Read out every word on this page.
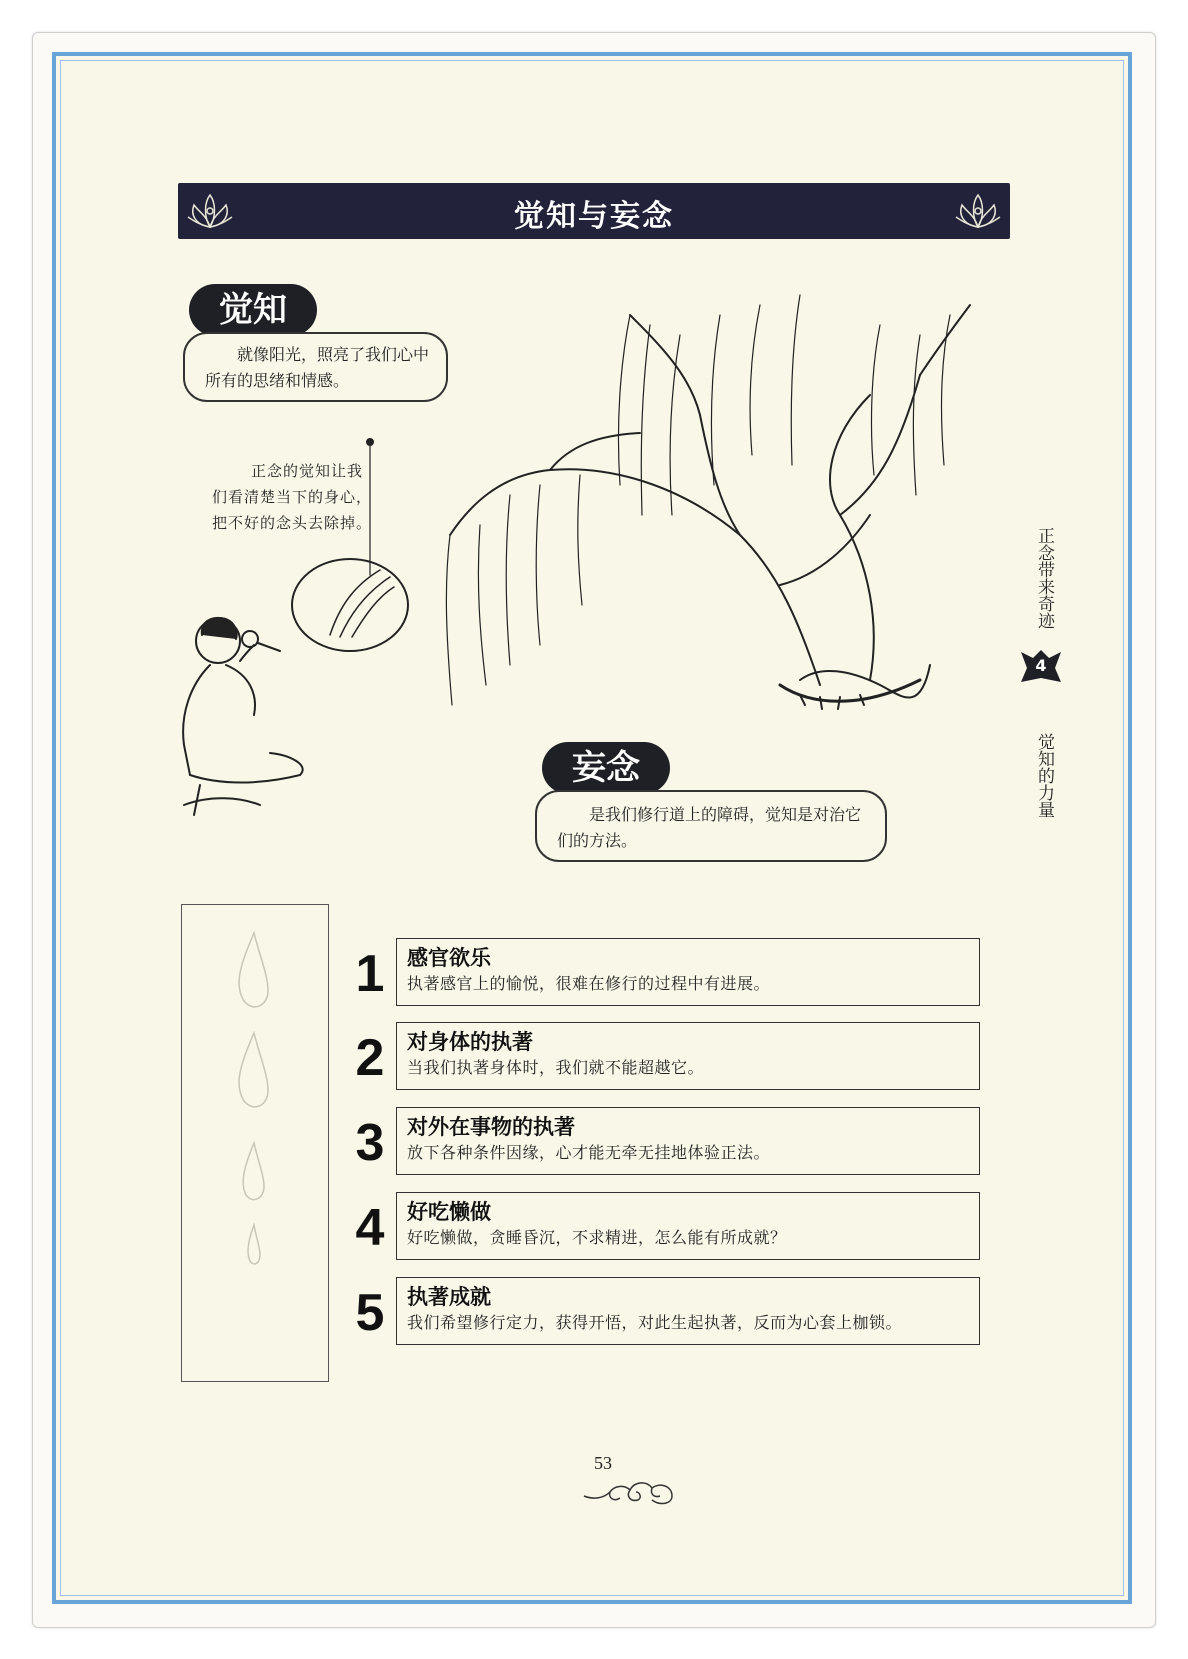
觉知与妄念
觉知
就像阳光，照亮了我们心中所有的思绪和情感。
正念的觉知让我们看清楚当下的身心，把不好的念头去除掉。
妄念
是我们修行道上的障碍，觉知是对治它们的方法。
正念带来奇迹
4
觉知的力量
1 感官欲乐
执著感官上的愉悦，很难在修行的过程中有进展。
2 对身体的执著
当我们执著身体时，我们就不能超越它。
3 对外在事物的执著
放下各种条件因缘，心才能无牵无挂地体验正法。
4 好吃懒做
好吃懒做，贪睡昏沉，不求精进，怎么能有所成就？
5 执著成就
我们希望修行定力，获得开悟，对此生起执著，反而为心套上枷锁。
53
